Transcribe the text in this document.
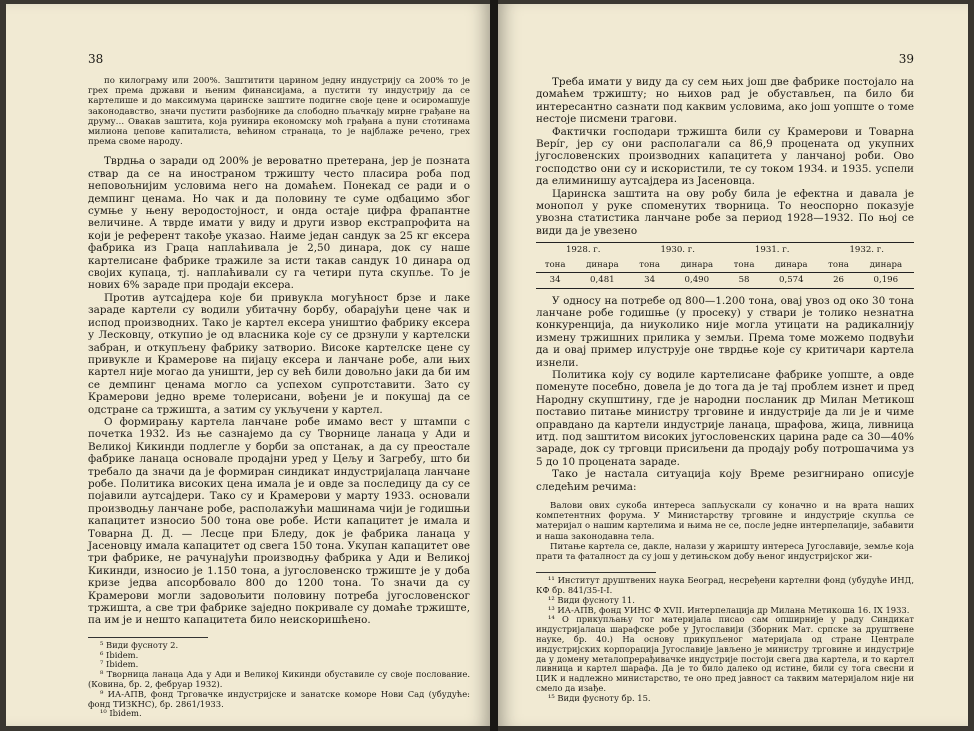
38

по килограму или 200%. Заштитити царином једну индустрију са 200% то је грех према држави и њеним финансијама, а пустити ту индустрију да се картелише и до максимума царинске заштите подигне своје цене и осиромашује законодавство, значи пустити разбојнике да слободно пљачкају мирне грађане на друму… Овакав заштита, која руинира економску моћ грађана а пуни стотинама милиона џепове капиталиста, већином странаца, то је најблаже речено, грех према своме народу.

Тврдња о заради од 200% је вероватно претерана, јер је позната ствар да се на иностраном тржишту често пласира роба под неповољнијим условима него на домаћем. Понекад се ради и о демпинг ценама. Но чак и да половину те суме одбацимо због сумње у њену веродостојност, и онда остаје цифра фрапантне величине. А тврде имати у виду и други извор екстрапрофита на који је референт такође указао. Наиме један сандук за 25 кг ексера фабрика из Граца наплаћивала је 2,50 динара, док су наше картелисане фабрике тражиле за исти такав сандук 10 динара од својих купаца, тј. наплаћивали су га четири пута скупље. То је нових 6% зараде при продаји ексера.

Против аутсајдера које би привукла могућност брзе и лаке зараде картели су водили убитачну борбу, обарајући цене чак и испод производних. Тако је картел ексера уништио фабрику ексера у Лесковцу, откупио је од власника које су се дрзнули у картелски забран, и откупљену фабрику затворио. Високе картелске цене су привукле и Крамерове на пијацу ексера и ланчане робе, али њих картел није могао да уништи, јер су већ били довољно јаки да би им се демпинг ценама могло са успехом супротставити. Зато су Крамерови једно време толерисани, вођени је и покушај да се одстране са тржишта, а затим су укључени у картел.

О формирању картела ланчане робе имамо вест у штампи с почетка 1932. Из ње сазнајемо да су Творнице ланаца у Ади и Великој Кикинди подлегле у борби за опстанак, а да су преостале фабрике ланаца основале продајни уред у Цељу и Загребу, што би требало да значи да је формиран синдикат индустријалаца ланчане робе. Политика високих цена имала је и овде за последицу да су се појавили аутсајдери. Тако су и Крамерови у марту 1933. основали производњу ланчане робе, располажући машинама чији је годишњи капацитет износио 500 тона ове робе. Исти капацитет је имала и Товарна Д. Д. — Лесце при Бледу, док је фабрика ланаца у Јасеновцу имала капацитет од свега 150 тона. Укупан капацитет ове три фабрике, не рачунајући производњу фабрика у Ади и Великој Кикинди, износио је 1.150 тона, а југословенско тржиште је у доба кризе једва апсорбовало 800 до 1200 тона. То значи да су Крамерови могли задовољити половину потреба југословенског тржишта, а све три фабрике заједно покривале су домаће тржиште, па им је и нешто капацитета било неискоришћено.

⁵ Види фусноту 2.

⁶ Ibidem.

⁷ Ibidem.

⁸ Творница ланаца Ада у Ади и Великој Кикинди обуставиле су своје послование. (Ковина, бр. 2, фебруар 1932).

⁹ ИА-АПВ, фонд Трговачке индустријске и занатске коморе Нови Сад (убудуће: фонд ТИЗКНС), бр. 2861/1933.

¹⁰ Ibidem.

39

Треба имати у виду да су сем њих још две фабрике постојало на домаћем тржишту; но њихов рад је обустављен, па било би интересантно сазнати под каквим условима, ако још уопште о томе нестоје писмени трагови.

Фактички господари тржишта били су Крамерови и Товарна Верíг, јер су они располагали са 86,9 процената од укупних југословенских производних капацитета у ланчаној роби. Ово господство они су и искористили, те су током 1934. и 1935. успели да елиминишу аутсајдера из Јасеновца.

Царинска заштита на ову робу била је ефектна и давала је монопол у руке споменутих творница. То неоспорно показује увозна статистика ланчане робе за период 1928—1932. По њој се види да је увезено

1928. г.		1930. г.		1931. г.		1932. г.	
тона	динара	тона	динара	тона	динара	тона	динара
34	0,481	34	0,490	58	0,574	26	0,196

У односу на потребе од 800—1.200 тона, овај увоз од око 30 тона ланчане робе годишње (у просеку) у ствари је толико незнатна конкуренција, да ниуколико није могла утицати на радикалнију измену тржишних прилика у земљи. Према томе можемо подвући да и овај пример илуструје оне тврдње које су критичари картела изнели.

Политика коју су водиле картелисане фабрике уопште, а овде поменуте посебно, довела је до тога да је тај проблем изнет и пред Народну скупштину, где је народни посланик др Милан Метикош поставио питање министру трговине и индустрије да ли је и чиме оправдано да картели индустрије ланаца, шрафова, жица, ливница итд. под заштитом високих југословенских царина раде са 30—40% зараде, док су тргoвци присиљени да продају робу потрошачима уз 5 до 10 процената зараде.

Тако је настала ситуација коју Време резигнирано описује следећим речима:

Валови ових сукоба интереса запљускали су коначно и на врата наших компетентних форума. У Министарству трговине и индустрије скупља се материјал о нашим картелима и њима не се, после једне интерпелације, забавити и наша законодавна тела.

Питање картела се, дакле, налази у жаришту интереса Југославије, земље која прати та фаталност да су још у детињском добу њеног индустријског жи-

¹¹ Институт друштвених наука Београд, несређени картелни фонд (убудуће ИНД, КФ бр. 841/35-I-I.

¹² Види фусноту 11.

¹³ ИА-АПВ, фонд УИНС Ф XVII. Интерпелација др Милана Метикоша 16. IX 1933.

¹⁴ О прикупљању тог материјала писао сам опширније у раду Синдикат индустријалаца шарафске робе у Југославији (Зборник Мат. српске за друштвене науке, бр. 40.) На основу прикупљеног материјала од стране Централе индустријских корпорација Југославије јављено је министру трговине и индустрије да у домену металопрерађивачке индустрије постоји свега два картела, и то картел ливница и картел шарафа. Да је то било далеко од истине, били су тога свесни и ЦИК и надлежно министарство, те оно пред јавност са таквим материјалом није ни смело да изађе.

¹⁵ Види фусноту бр. 15.
